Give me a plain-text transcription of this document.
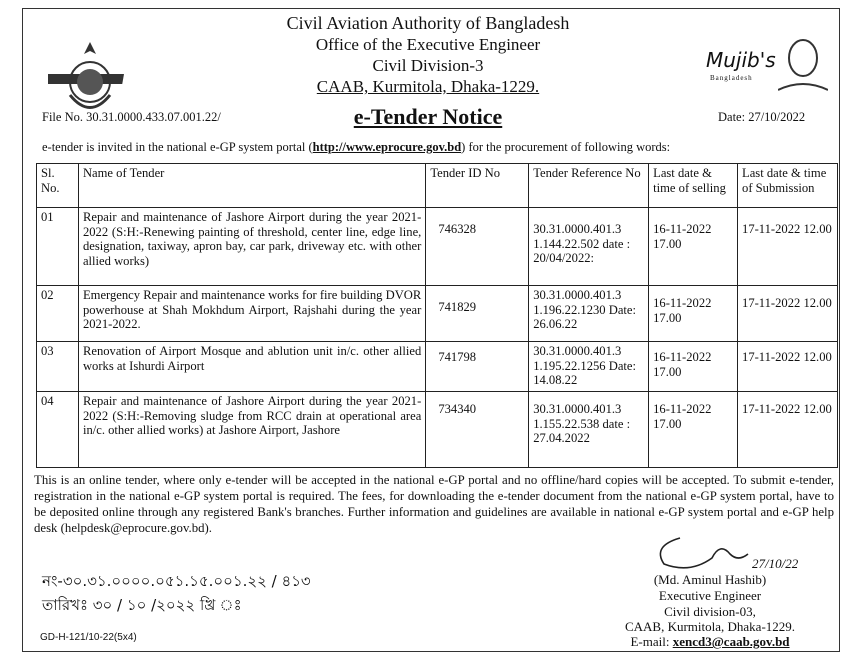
Mujib's
Bangladesh
Civil Aviation Authority of Bangladesh
Office of the Executive Engineer
Civil Division-3
CAAB, Kurmitola, Dhaka-1229.
File No. 30.31.0000.433.07.001.22/	e-Tender Notice	Date: 27/10/2022
e-tender is invited in the national e-GP system portal (http://www.eprocure.gov.bd) for the procurement of following words:
Sl. No.	Name of Tender	Tender ID No	Tender Reference No	Last date & time of selling	Last date & time of Submission
01	Repair and maintenance of Jashore Airport during the year 2021-2022 (S:H:-Renewing painting of threshold, center line, edge line, designation, taxiway, apron bay, car park, driveway etc. with other allied works)	746328	30.31.0000.401.3 1.144.22.502 date : 20/04/2022:	16-11-2022 17.00	17-11-2022 12.00
02	Emergency Repair and maintenance works for fire building DVOR powerhouse at Shah Mokhdum Airport, Rajshahi during the year 2021-2022.	741829	30.31.0000.401.3 1.196.22.1230 Date: 26.06.22	16-11-2022 17.00	17-11-2022 12.00
03	Renovation of Airport Mosque and ablution unit in/c. other allied works at Ishurdi Airport	741798	30.31.0000.401.3 1.195.22.1256 Date: 14.08.22	16-11-2022 17.00	17-11-2022 12.00
04	Repair and maintenance of Jashore Airport during the year 2021-2022 (S:H:-Removing sludge from RCC drain at operational area in/c. other allied works) at Jashore Airport, Jashore	734340	30.31.0000.401.3 1.155.22.538 date : 27.04.2022	16-11-2022 17.00	17-11-2022 12.00
This is an online tender, where only e-tender will be accepted in the national e-GP portal and no offline/hard copies will be accepted. To submit e-tender, registration in the national e-GP system portal is required. The fees, for downloading the e-tender document from the national e-GP system portal, have to be deposited online through any registered Bank's branches. Further information and guidelines are available in national e-GP system portal and e-GP help desk (helpdesk@eprocure.gov.bd).
নং-৩০.৩১.০০০০.০৫১.১৫.০০১.২২ / ৪১৩
তারিখঃ ৩০ / ১০ /২০২২ খ্রি ঃ
GD-H-121/10-22(5x4)
27/10/22
(Md. Aminul Hashib)
Executive Engineer
Civil division-03,
CAAB, Kurmitola, Dhaka-1229.
E-mail: xencd3@caab.gov.bd
